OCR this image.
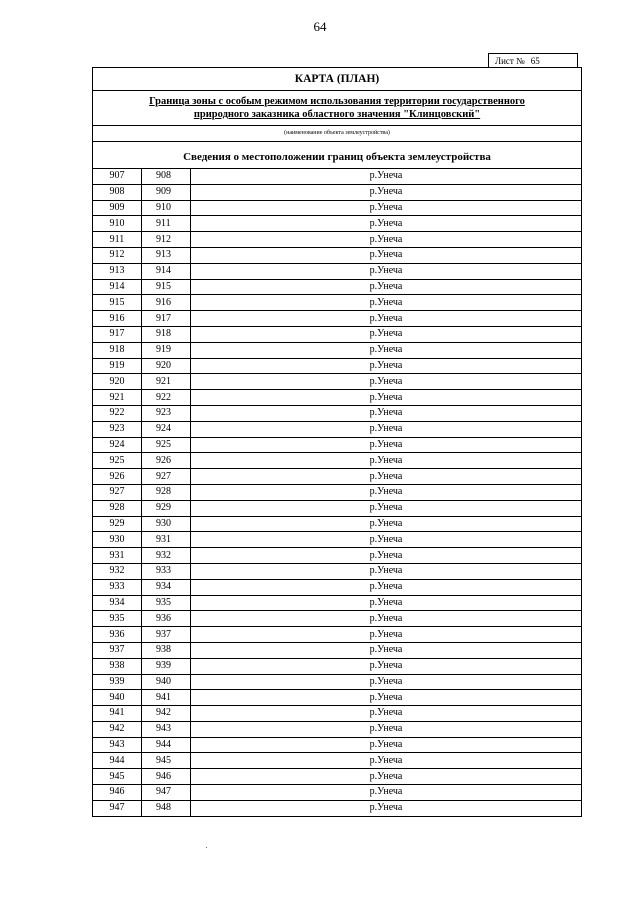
64
Лист № 65
КАРТА (ПЛАН)
Граница зоны с особым режимом использования территории государственного
природного заказника областного значения "Клинцовский"
(наименование объекта землеустройства)
Сведения о местоположении границ объекта землеустройства
907	908	р.Унеча
908	909	р.Унеча
909	910	р.Унеча
910	911	р.Унеча
911	912	р.Унеча
912	913	р.Унеча
913	914	р.Унеча
914	915	р.Унеча
915	916	р.Унеча
916	917	р.Унеча
917	918	р.Унеча
918	919	р.Унеча
919	920	р.Унеча
920	921	р.Унеча
921	922	р.Унеча
922	923	р.Унеча
923	924	р.Унеча
924	925	р.Унеча
925	926	р.Унеча
926	927	р.Унеча
927	928	р.Унеча
928	929	р.Унеча
929	930	р.Унеча
930	931	р.Унеча
931	932	р.Унеча
932	933	р.Унеча
933	934	р.Унеча
934	935	р.Унеча
935	936	р.Унеча
936	937	р.Унеча
937	938	р.Унеча
938	939	р.Унеча
939	940	р.Унеча
940	941	р.Унеча
941	942	р.Унеча
942	943	р.Унеча
943	944	р.Унеча
944	945	р.Унеча
945	946	р.Унеча
946	947	р.Унеча
947	948	р.Унеча
